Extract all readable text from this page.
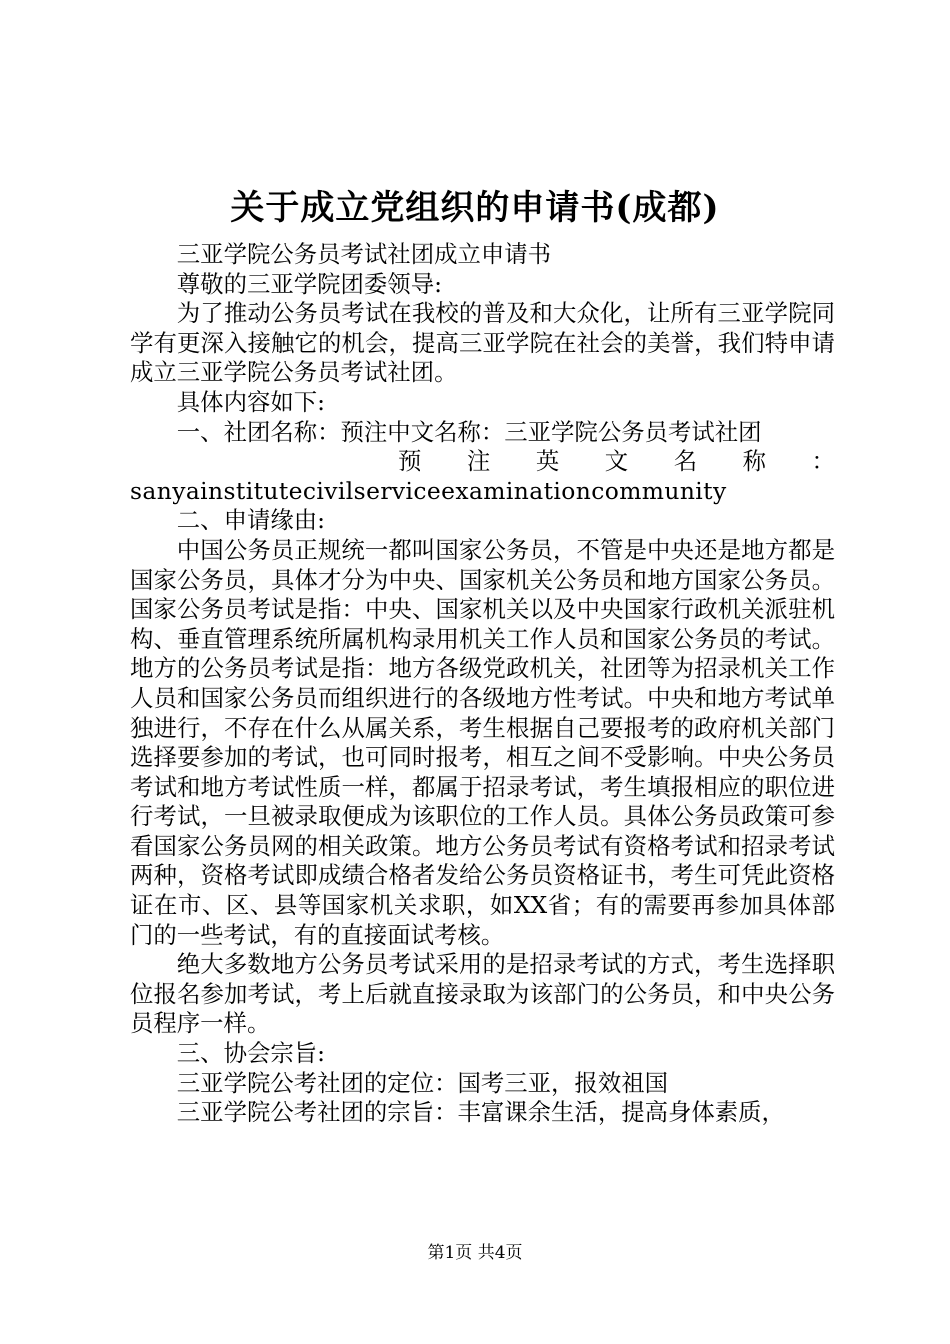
关于成立党组织的申请书(成都)

三亚学院公务员考试社团成立申请书

尊敬的三亚学院团委领导:

为了推动公务员考试在我校的普及和大众化，让所有三亚学院同学有更深入接触它的机会，提高三亚学院在社会的美誉，我们特申请成立三亚学院公务员考试社团。

具体内容如下:

一、社团名称：预注中文名称：三亚学院公务员考试社团

预 注 英 文 名 称 ：

sanyainstitutecivilserviceexaminationcommunity

二、申请缘由:

中国公务员正规统一都叫国家公务员，不管是中央还是地方都是国家公务员，具体才分为中央、国家机关公务员和地方国家公务员。国家公务员考试是指：中央、国家机关以及中央国家行政机关派驻机构、垂直管理系统所属机构录用机关工作人员和国家公务员的考试。地方的公务员考试是指：地方各级党政机关，社团等为招录机关工作人员和国家公务员而组织进行的各级地方性考试。中央和地方考试单独进行，不存在什么从属关系，考生根据自己要报考的政府机关部门选择要参加的考试，也可同时报考，相互之间不受影响。中央公务员考试和地方考试性质一样，都属于招录考试，考生填报相应的职位进行考试，一旦被录取便成为该职位的工作人员。具体公务员政策可参看国家公务员网的相关政策。地方公务员考试有资格考试和招录考试两种，资格考试即成绩合格者发给公务员资格证书，考生可凭此资格证在市、区、县等国家机关求职，如XX省；有的需要再参加具体部门的一些考试，有的直接面试考核。

绝大多数地方公务员考试采用的是招录考试的方式，考生选择职位报名参加考试，考上后就直接录取为该部门的公务员，和中央公务员程序一样。

三、协会宗旨:

三亚学院公考社团的定位：国考三亚，报效祖国

三亚学院公考社团的宗旨：丰富课余生活，提高身体素质，

第1页 共4页
